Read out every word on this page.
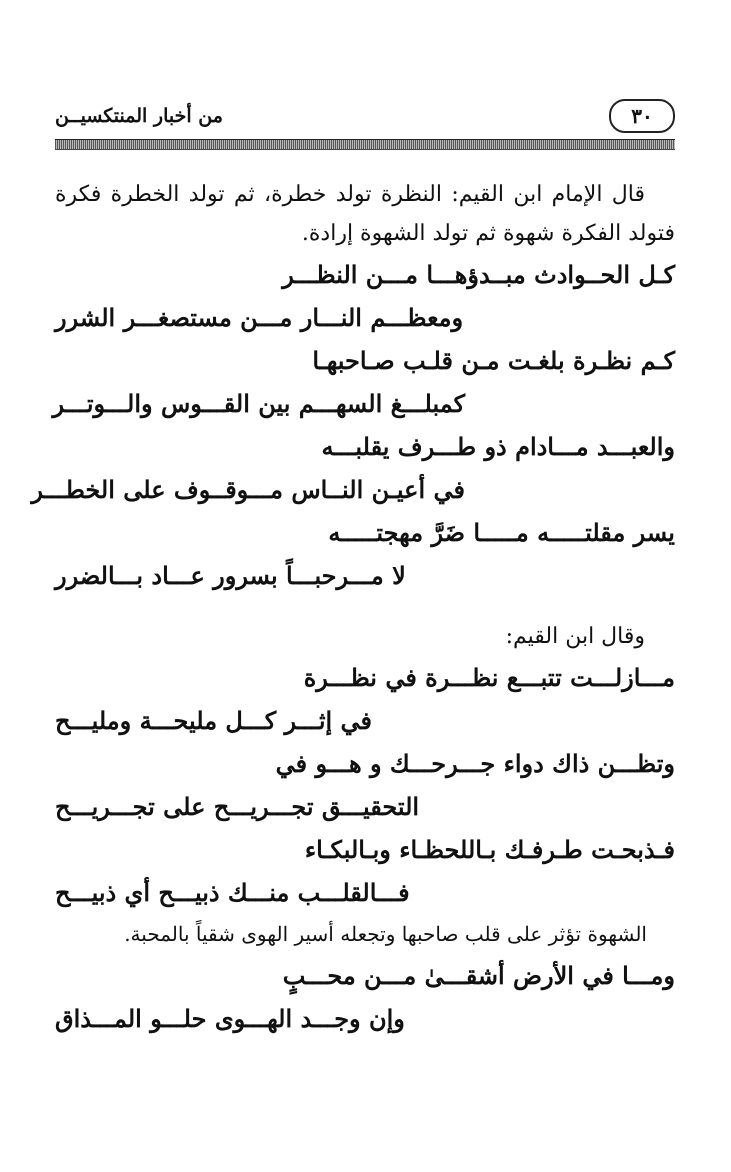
٣٠
من أخبار المنتكسيــن

قال الإمام ابن القيم: النظرة تولد خطرة، ثم تولد الخطرة فكرة فتولد الفكرة شهوة ثم تولد الشهوة إرادة.

كـل الحــوادث مبــدؤهـــا مـــن النظـــر
ومعظـــم النـــار مـــن مستصغـــر الشرر
كـم نظـرة بلغـت مـن قلـب صـاحبهـا
كمبلـــغ السهـــم بين القـــوس والـــوتـــر
والعبـــد مـــادام ذو طـــرف يقلبـــه
في أعيـن النــاس مـــوقــوف على الخطـــر
يسر مقلتـــــه مـــــا ضَرَّ مهجتـــــه
لا مـــرحبـــاً بسرور عـــاد بـــالضرر

وقال ابن القيم:

مـــازلـــت تتبـــع نظـــرة في نظـــرة
في إثـــر كـــل مليحـــة ومليـــح
وتظـــن ذاك دواء جـــرحـــك و هـــو في
التحقيـــق تجـــريـــح على تجـــريـــح
فـذبحـت طـرفـك بـاللحظـاء وبـالبكـاء
فـــالقلـــب منـــك ذبيـــح أي ذبيـــح

الشهوة تؤثر على قلب صاحبها وتجعله أسير الهوى شقياً بالمحبة.

ومـــا في الأرض أشقـــىٰ مـــن محـــبٍ
وإن وجـــد الهـــوى حلـــو المـــذاق
